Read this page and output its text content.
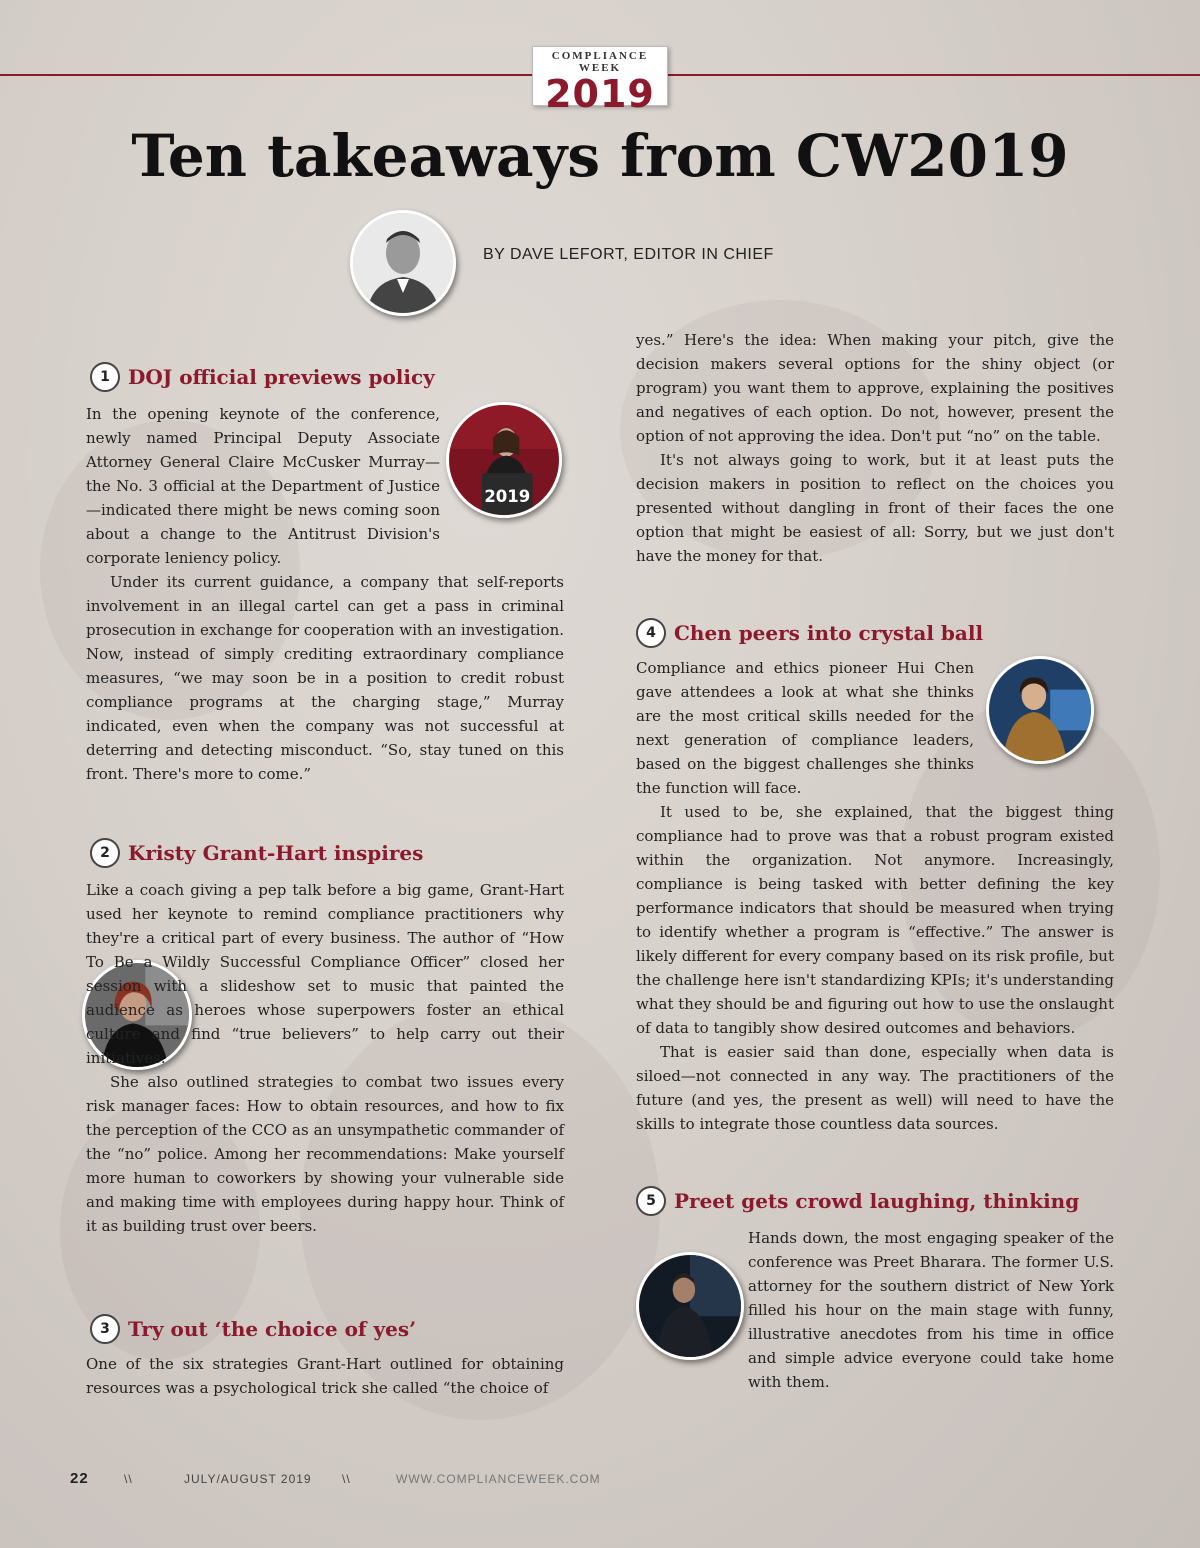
COMPLIANCE WEEK
2019
Ten takeaways from CW2019
BY DAVE LEFORT, EDITOR IN CHIEF
1 DOJ official previews policy
2019

In the opening keynote of the conference, newly named Principal Deputy Associate Attorney General Claire McCusker Murray—the No. 3 official at the Department of Justice—indicated there might be news coming soon about a change to the Antitrust Division's corporate leniency policy.

Under its current guidance, a company that self-reports involvement in an illegal cartel can get a pass in criminal prosecution in exchange for cooperation with an investigation. Now, instead of simply crediting extraordinary compliance measures, “we may soon be in a position to credit robust compliance programs at the charging stage,” Murray indicated, even when the company was not successful at deterring and detecting misconduct. “So, stay tuned on this front. There's more to come.”

2 Kristy Grant-Hart inspires

Like a coach giving a pep talk before a big game, Grant-Hart used her keynote to remind compliance practitioners why they're a critical part of every business. The author of “How To Be a Wildly Successful Compliance Officer” closed her session with a slideshow set to music that painted the audience as heroes whose superpowers foster an ethical culture and find “true believers” to help carry out their initiatives.

She also outlined strategies to combat two issues every risk manager faces: How to obtain resources, and how to fix the perception of the CCO as an unsympathetic commander of the “no” police. Among her recommendations: Make yourself more human to coworkers by showing your vulnerable side and making time with employees during happy hour. Think of it as building trust over beers.

3 Try out ‘the choice of yes’

One of the six strategies Grant-Hart outlined for obtaining resources was a psychological trick she called “the choice of

yes.” Here's the idea: When making your pitch, give the decision makers several options for the shiny object (or program) you want them to approve, explaining the positives and negatives of each option. Do not, however, present the option of not approving the idea. Don't put “no” on the table.

It's not always going to work, but it at least puts the decision makers in position to reflect on the choices you presented without dangling in front of their faces the one option that might be easiest of all: Sorry, but we just don't have the money for that.

4 Chen peers into crystal ball

Compliance and ethics pioneer Hui Chen gave attendees a look at what she thinks are the most critical skills needed for the next generation of compliance leaders, based on the biggest challenges she thinks the function will face.

It used to be, she explained, that the biggest thing compliance had to prove was that a robust program existed within the organization. Not anymore. Increasingly, compliance is being tasked with better defining the key performance indicators that should be measured when trying to identify whether a program is “effective.” The answer is likely different for every company based on its risk profile, but the challenge here isn't standardizing KPIs; it's understanding what they should be and figuring out how to use the onslaught of data to tangibly show desired outcomes and behaviors.

That is easier said than done, especially when data is siloed—not connected in any way. The practitioners of the future (and yes, the present as well) will need to have the skills to integrate those countless data sources.

5 Preet gets crowd laughing, thinking

Hands down, the most engaging speaker of the conference was Preet Bharara. The former U.S. attorney for the southern district of New York filled his hour on the main stage with funny, illustrative anecdotes from his time in office and simple advice everyone could take home with them.

22	\\	JULY/AUGUST 2019	\\	WWW.COMPLIANCEWEEK.COM
